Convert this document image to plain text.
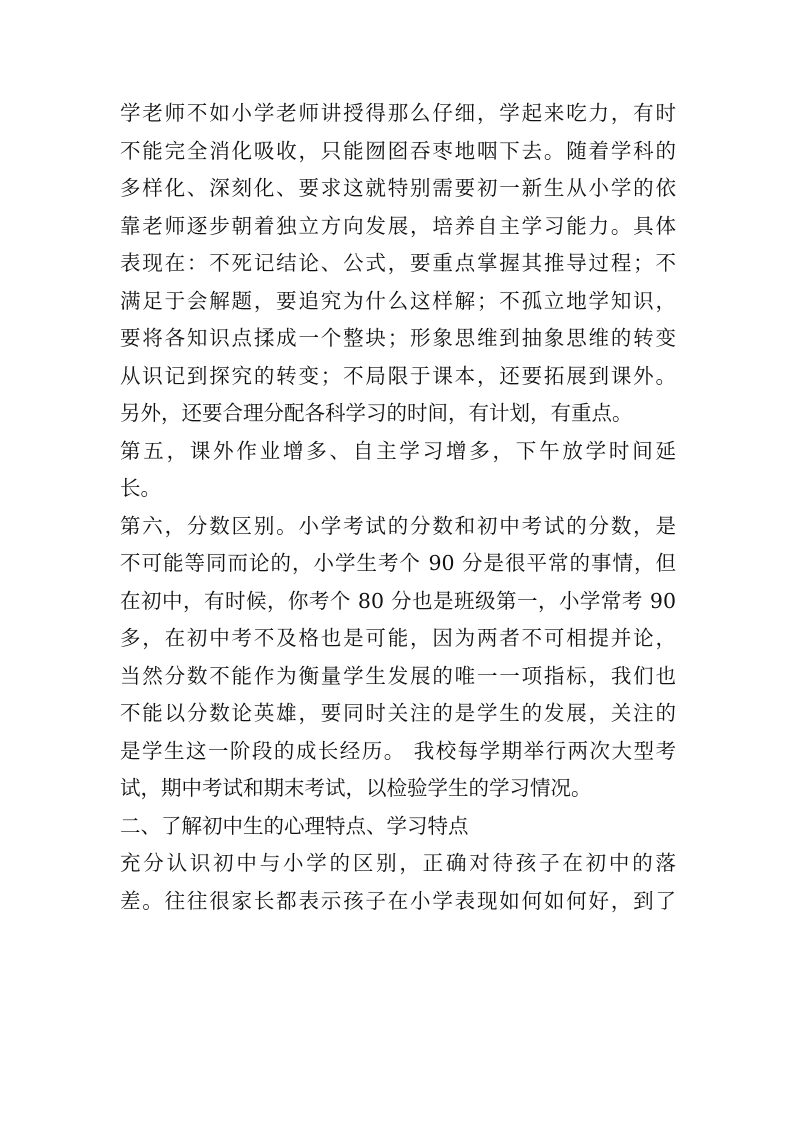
学老师不如小学老师讲授得那么仔细，学起来吃力，有时
不能完全消化吸收，只能囫囵吞枣地咽下去。随着学科的
多样化、深刻化、要求这就特别需要初一新生从小学的依
靠老师逐步朝着独立方向发展，培养自主学习能力。具体
表现在：不死记结论、公式，要重点掌握其推导过程；不
满足于会解题，要追究为什么这样解；不孤立地学知识，
要将各知识点揉成一个整块；形象思维到抽象思维的转变
从识记到探究的转变；不局限于课本，还要拓展到课外。
另外，还要合理分配各科学习的时间，有计划，有重点。
第五，课外作业增多、自主学习增多，下午放学时间延
长。
第六，分数区别。小学考试的分数和初中考试的分数，是
不可能等同而论的，小学生考个 90 分是很平常的事情，但
在初中，有时候，你考个 80 分也是班级第一，小学常考 90
多，在初中考不及格也是可能，因为两者不可相提并论，
当然分数不能作为衡量学生发展的唯一一项指标，我们也
不能以分数论英雄，要同时关注的是学生的发展，关注的
是学生这一阶段的成长经历。 我校每学期举行两次大型考
试，期中考试和期末考试，以检验学生的学习情况。
二、了解初中生的心理特点、学习特点
充分认识初中与小学的区别，正确对待孩子在初中的落
差。往往很家长都表示孩子在小学表现如何如何好，到了
